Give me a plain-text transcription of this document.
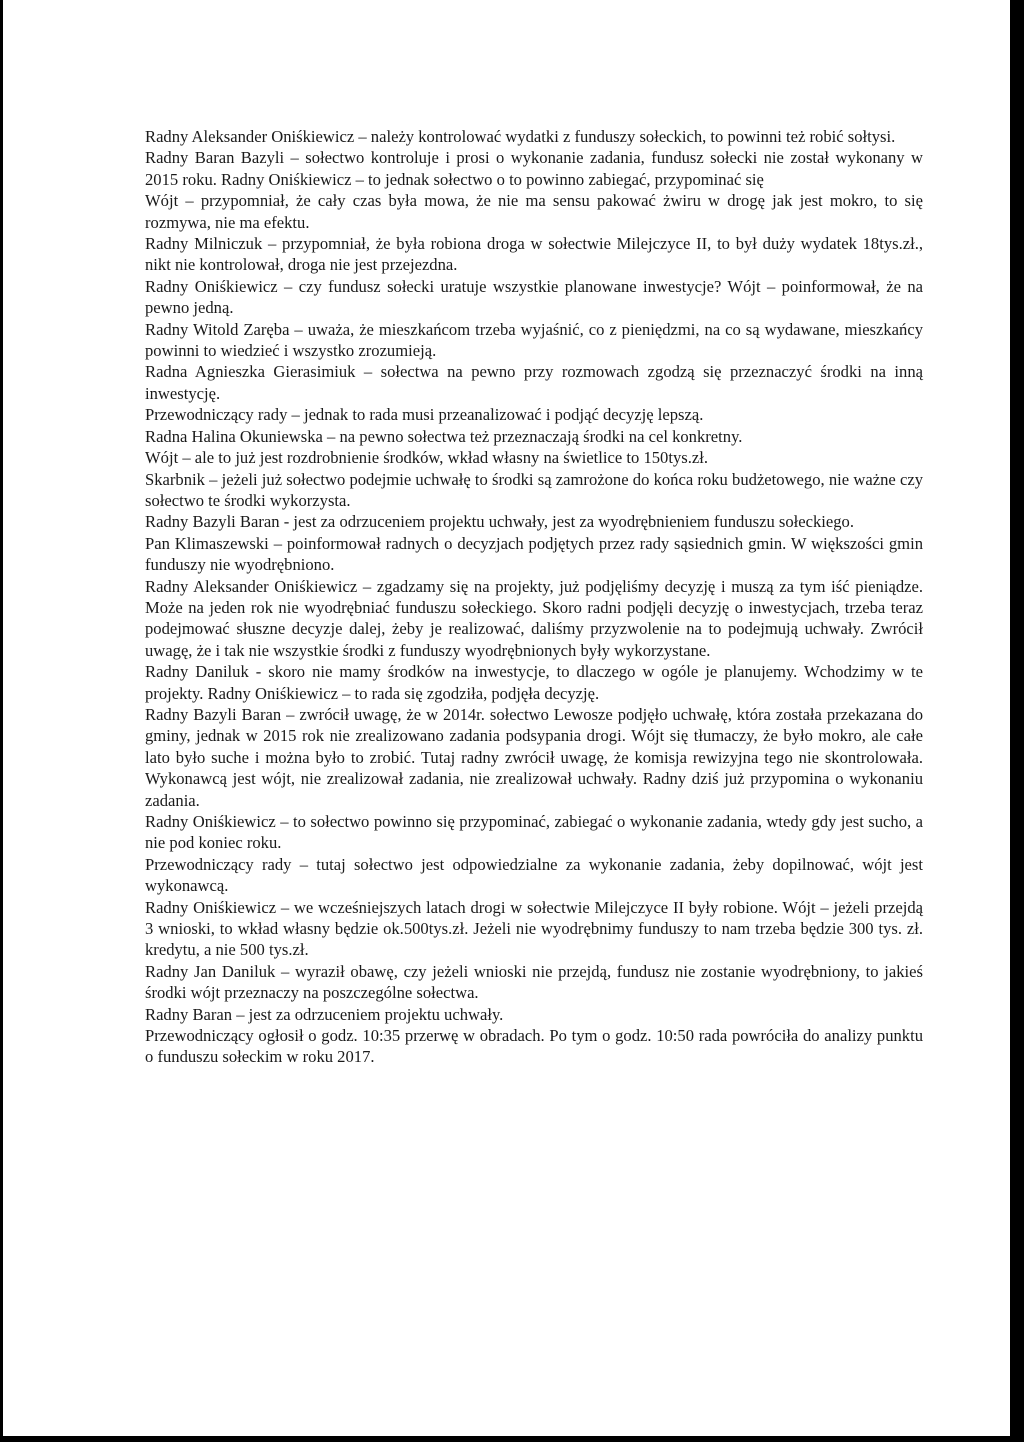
Radny Aleksander Oniśkiewicz – należy kontrolować wydatki z funduszy sołeckich, to powinni też robić sołtysi.

Radny Baran Bazyli – sołectwo kontroluje i prosi o wykonanie zadania, fundusz sołecki nie został wykonany w 2015 roku. Radny Oniśkiewicz – to jednak sołectwo o to powinno zabiegać, przypominać się

Wójt – przypomniał, że cały czas była mowa, że nie ma sensu pakować żwiru w drogę jak jest mokro, to się rozmywa, nie ma efektu.

Radny Milniczuk – przypomniał, że była robiona droga w sołectwie Milejczyce II, to był duży wydatek 18tys.zł., nikt nie kontrolował, droga nie jest przejezdna.

Radny Oniśkiewicz – czy fundusz sołecki uratuje wszystkie planowane inwestycje? Wójt – poinformował, że na pewno jedną.

Radny Witold Zaręba – uważa, że mieszkańcom trzeba wyjaśnić, co z pieniędzmi, na co są wydawane, mieszkańcy powinni to wiedzieć i wszystko zrozumieją.

Radna Agnieszka Gierasimiuk – sołectwa na pewno przy rozmowach zgodzą się przeznaczyć środki na inną inwestycję.

Przewodniczący rady – jednak to rada musi przeanalizować i podjąć decyzję lepszą.

Radna Halina Okuniewska – na pewno sołectwa też przeznaczają środki na cel konkretny.

Wójt – ale to już jest rozdrobnienie środków, wkład własny na świetlice to 150tys.zł.

Skarbnik – jeżeli już sołectwo podejmie uchwałę to środki są zamrożone do końca roku budżetowego, nie ważne czy sołectwo te środki wykorzysta.

Radny Bazyli Baran - jest za odrzuceniem projektu uchwały, jest za wyodrębnieniem funduszu sołeckiego.

Pan Klimaszewski – poinformował radnych o decyzjach podjętych przez rady sąsiednich gmin. W większości gmin funduszy nie wyodrębniono.

Radny Aleksander Oniśkiewicz – zgadzamy się na projekty, już podjęliśmy decyzję i muszą za tym iść pieniądze. Może na jeden rok nie wyodrębniać funduszu sołeckiego. Skoro radni podjęli decyzję o inwestycjach, trzeba teraz podejmować słuszne decyzje dalej, żeby je realizować, daliśmy przyzwolenie na to podejmują uchwały. Zwrócił uwagę, że i tak nie wszystkie środki z funduszy wyodrębnionych były wykorzystane.

Radny Daniluk - skoro nie mamy środków na inwestycje, to dlaczego w ogóle je planujemy. Wchodzimy w te projekty. Radny Oniśkiewicz – to rada się zgodziła, podjęła decyzję.

Radny Bazyli Baran – zwrócił uwagę, że w 2014r. sołectwo Lewosze podjęło uchwałę, która została przekazana do gminy, jednak w 2015 rok nie zrealizowano zadania podsypania drogi. Wójt się tłumaczy, że było mokro, ale całe lato było suche i można było to zrobić. Tutaj radny zwrócił uwagę, że komisja rewizyjna tego nie skontrolowała. Wykonawcą jest wójt, nie zrealizował zadania, nie zrealizował uchwały. Radny dziś już przypomina o wykonaniu zadania.

Radny Oniśkiewicz – to sołectwo powinno się przypominać, zabiegać o wykonanie zadania, wtedy gdy jest sucho, a nie pod koniec roku.

Przewodniczący rady – tutaj sołectwo jest odpowiedzialne za wykonanie zadania, żeby dopilnować, wójt jest wykonawcą.

Radny Oniśkiewicz – we wcześniejszych latach drogi w sołectwie Milejczyce II były robione. Wójt – jeżeli przejdą 3 wnioski, to wkład własny będzie ok.500tys.zł. Jeżeli nie wyodrębnimy funduszy to nam trzeba będzie 300 tys. zł. kredytu, a nie 500 tys.zł.

Radny Jan Daniluk – wyraził obawę, czy jeżeli wnioski nie przejdą, fundusz nie zostanie wyodrębniony, to jakieś środki wójt przeznaczy na poszczególne sołectwa.

Radny Baran – jest za odrzuceniem projektu uchwały.

Przewodniczący ogłosił o godz. 10:35 przerwę w obradach. Po tym o godz. 10:50 rada powróciła do analizy punktu o funduszu sołeckim w roku 2017.
